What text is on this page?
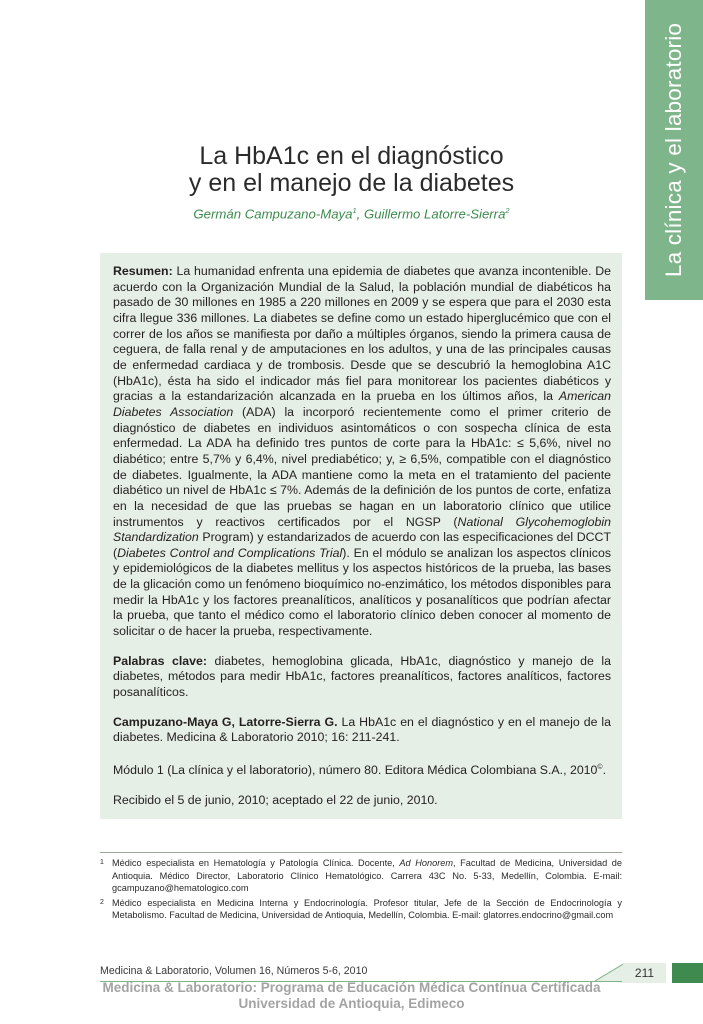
La clínica y el laboratorio
La HbA1c en el diagnóstico
y en el manejo de la diabetes
Germán Campuzano-Maya$^1$, Guillermo Latorre-Sierra$^2$

Resumen: La humanidad enfrenta una epidemia de diabetes que avanza incontenible. De acuerdo con la Organización Mundial de la Salud, la población mundial de diabéticos ha pasado de 30 millones en 1985 a 220 millones en 2009 y se espera que para el 2030 esta cifra llegue 336 millones. La diabetes se define como un estado hiperglucémico que con el correr de los años se manifiesta por daño a múltiples órganos, siendo la primera causa de ceguera, de falla renal y de amputaciones en los adultos, y una de las principales causas de enfermedad cardiaca y de trombosis. Desde que se descubrió la hemoglobina A1C (HbA1c), ésta ha sido el indicador más fiel para monitorear los pacientes diabéticos y gracias a la estandarización alcanzada en la prueba en los últimos años, la American Diabetes Association (ADA) la incorporó recientemente como el primer criterio de diagnóstico de diabetes en individuos asintomáticos o con sospecha clínica de esta enfermedad. La ADA ha definido tres puntos de corte para la HbA1c: ≤ 5,6%, nivel no diabético; entre 5,7% y 6,4%, nivel prediabético; y, ≥ 6,5%, compatible con el diagnóstico de diabetes. Igualmente, la ADA mantiene como la meta en el tratamiento del paciente diabético un nivel de HbA1c ≤ 7%. Además de la definición de los puntos de corte, enfatiza en la necesidad de que las pruebas se hagan en un laboratorio clínico que utilice instrumentos y reactivos certificados por el NGSP (National Glycohemoglobin Standardization Program) y estandarizados de acuerdo con las especificaciones del DCCT (Diabetes Control and Complications Trial). En el módulo se analizan los aspectos clínicos y epidemiológicos de la diabetes mellitus y los aspectos históricos de la prueba, las bases de la glicación como un fenómeno bioquímico no-enzimático, los métodos disponibles para medir la HbA1c y los factores preanalíticos, analíticos y posanalíticos que podrían afectar la prueba, que tanto el médico como el laboratorio clínico deben conocer al momento de solicitar o de hacer la prueba, respectivamente.

Palabras clave: diabetes, hemoglobina glicada, HbA1c, diagnóstico y manejo de la diabetes, métodos para medir HbA1c, factores preanalíticos, factores analíticos, factores posanalíticos.

Campuzano-Maya G, Latorre-Sierra G. La HbA1c en el diagnóstico y en el manejo de la diabetes. Medicina & Laboratorio 2010; 16: 211-241.

Módulo 1 (La clínica y el laboratorio), número 80. Editora Médica Colombiana S.A., 2010©.

Recibido el 5 de junio, 2010; aceptado el 22 de junio, 2010.

1 Médico especialista en Hematología y Patología Clínica. Docente, Ad Honorem, Facultad de Medicina, Universidad de Antioquia. Médico Director, Laboratorio Clínico Hematológico. Carrera 43C No. 5-33, Medellín, Colombia. E-mail: gcampuzano@hematologico.com
2 Médico especialista en Medicina Interna y Endocrinología. Profesor titular, Jefe de la Sección de Endocrinología y Metabolismo. Facultad de Medicina, Universidad de Antioquia, Medellín, Colombia. E-mail: glatorres.endocrino@gmail.com
Medicina & Laboratorio, Volumen 16, Números 5-6, 2010	211
Medicina & Laboratorio: Programa de Educación Médica Contínua Certificada
Universidad de Antioquia, Edimeco
